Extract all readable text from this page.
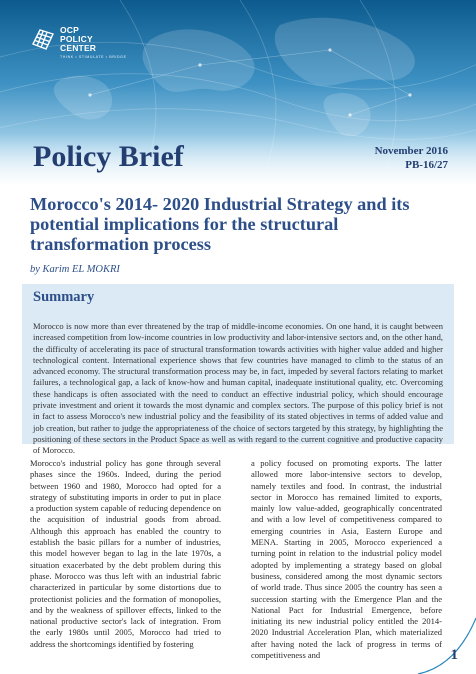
OCP
POLICY
CENTER
THINK • STIMULATE • BRIDGE
Policy Brief	November 2016
PB-16/27
Morocco's 2014- 2020 Industrial Strategy and its potential implications for the structural transformation process
by Karim EL MOKRI
Summary

Morocco is now more than ever threatened by the trap of middle-income economies. On one hand, it is caught between increased competition from low-income countries in low productivity and labor-intensive sectors and, on the other hand, the difficulty of accelerating its pace of structural transformation towards activities with higher value added and higher technological content. International experience shows that few countries have managed to climb to the status of an advanced economy. The structural transformation process may be, in fact, impeded by several factors relating to market failures, a technological gap, a lack of know-how and human capital, inadequate institutional quality, etc. Overcoming these handicaps is often associated with the need to conduct an effective industrial policy, which should encourage private investment and orient it towards the most dynamic and complex sectors. The purpose of this policy brief is not in fact to assess Morocco's new industrial policy and the feasibility of its stated objectives in terms of added value and job creation, but rather to judge the appropriateness of the choice of sectors targeted by this strategy, by highlighting the positioning of these sectors in the Product Space as well as with regard to the current cognitive and productive capacity of Morocco.

Morocco's industrial policy has gone through several phases since the 1960s. Indeed, during the period between 1960 and 1980, Morocco had opted for a strategy of substituting imports in order to put in place a production system capable of reducing dependence on the acquisition of industrial goods from abroad. Although this approach has enabled the country to establish the basic pillars for a number of industries, this model however began to lag in the late 1970s, a situation exacerbated by the debt problem during this phase. Morocco was thus left with an industrial fabric characterized in particular by some distortions due to protectionist policies and the formation of monopolies, and by the weakness of spillover effects, linked to the national productive sector's lack of integration. From the early 1980s until 2005, Morocco had tried to address the shortcomings identified by fostering

a policy focused on promoting exports. The latter allowed more labor-intensive sectors to develop, namely textiles and food. In contrast, the industrial sector in Morocco has remained limited to exports, mainly low value-added, geographically concentrated and with a low level of competitiveness compared to emerging countries in Asia, Eastern Europe and MENA. Starting in 2005, Morocco experienced a turning point in relation to the industrial policy model adopted by implementing a strategy based on global business, considered among the most dynamic sectors of world trade. Thus since 2005 the country has seen a succession starting with the Emergence Plan and the National Pact for Industrial Emergence, before initiating its new industrial policy entitled the 2014-2020 Industrial Acceleration Plan, which materialized after having noted the lack of progress in terms of competitiveness and	1
